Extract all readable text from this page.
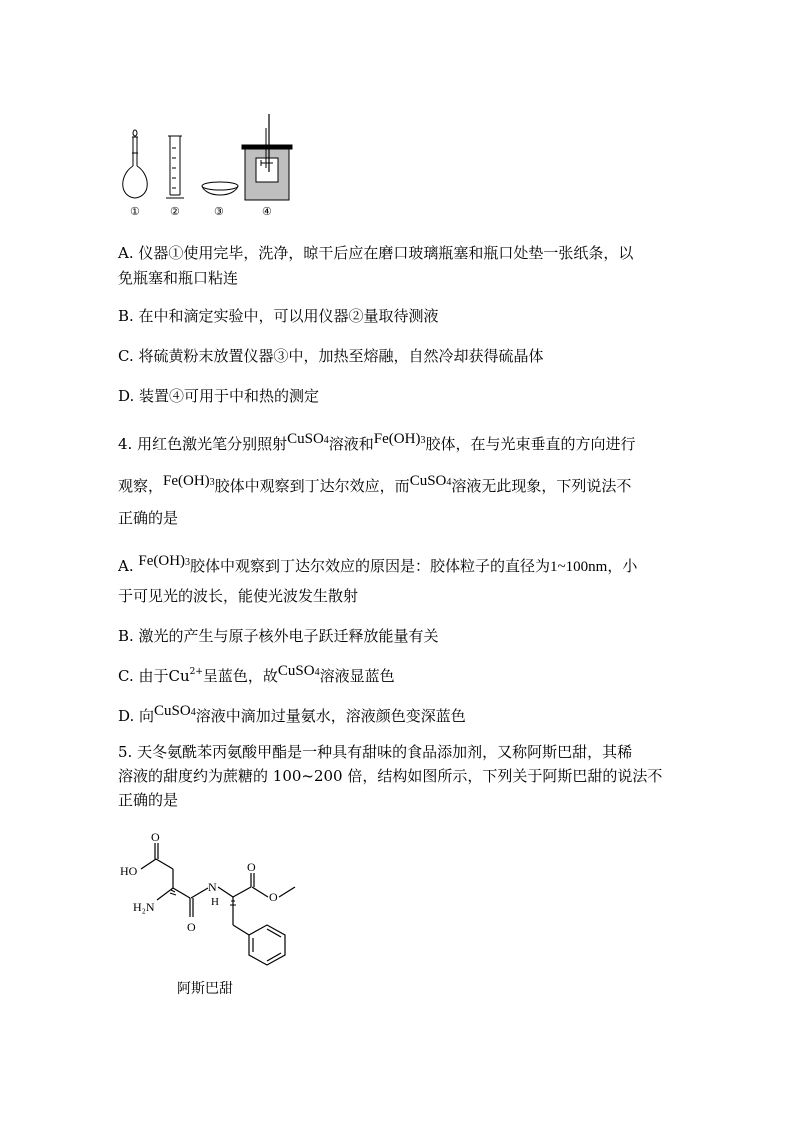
①	②	③	④
A. 仪器①使用完毕，洗净，晾干后应在磨口玻璃瓶塞和瓶口处垫一张纸条，以
免瓶塞和瓶口粘连
B. 在中和滴定实验中，可以用仪器②量取待测液
C. 将硫黄粉末放置仪器③中，加热至熔融，自然冷却获得硫晶体
D. 装置④可用于中和热的测定
4. 用红色激光笔分别照射CuSO4溶液和Fe(OH)3胶体，在与光束垂直的方向进行
观察，Fe(OH)3胶体中观察到丁达尔效应，而CuSO4溶液无此现象，下列说法不
正确的是
A. Fe(OH)3胶体中观察到丁达尔效应的原因是：胶体粒子的直径为1~100nm，小
于可见光的波长，能使光波发生散射
B. 激光的产生与原子核外电子跃迁释放能量有关
C. 由于$Cu^{2+}$呈蓝色，故CuSO4溶液显蓝色
D. 向CuSO4溶液中滴加过量氨水，溶液颜色变深蓝色
5. 天冬氨酰苯丙氨酸甲酯是一种具有甜味的食品添加剂，又称阿斯巴甜，其稀
溶液的甜度约为蔗糖的 100~200 倍，结构如图所示，下列关于阿斯巴甜的说法不
正确的是
O
HO
N
O
O
H₂N	H
O
阿斯巴甜
